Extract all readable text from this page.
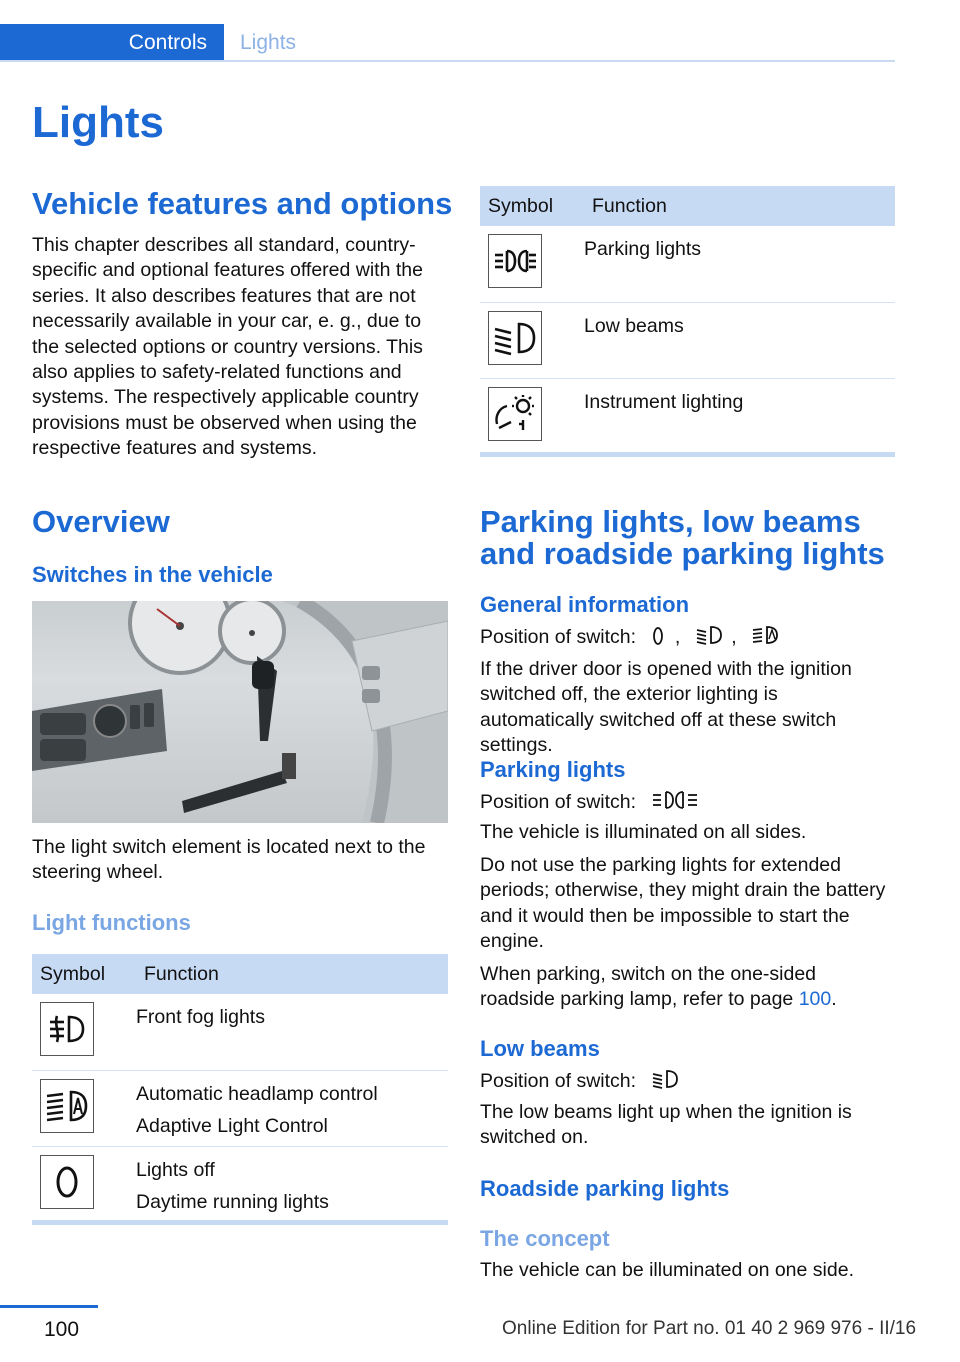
Controls	Lights
Lights
Vehicle features and options

This chapter describes all standard, country-specific and optional features offered with the series. It also describes features that are not necessarily available in your car, e. g., due to the selected options or country versions. This also applies to safety-related functions and systems. The respectively applicable country provisions must be observed when using the respective features and systems.

Overview
Switches in the vehicle

The light switch element is located next to the steering wheel.

Light functions
Symbol	Function

Front fog lights

Automatic headlamp control
Adaptive Light Control

Lights off
Daytime running lights
Symbol	Function

Parking lights

Low beams

Instrument lighting
Parking lights, low beams
and roadside parking lights
General information
Position of switch: ,	,

If the driver door is opened with the ignition switched off, the exterior lighting is automatically switched off at these switch settings.

Parking lights
Position of switch:

The vehicle is illuminated on all sides.

Do not use the parking lights for extended periods; otherwise, they might drain the battery and it would then be impossible to start the engine.

When parking, switch on the one-sided roadside parking lamp, refer to page 100.

Low beams
Position of switch:

The low beams light up when the ignition is switched on.

Roadside parking lights
The concept

The vehicle can be illuminated on one side.

100	Online Edition for Part no. 01 40 2 969 976 - II/16
